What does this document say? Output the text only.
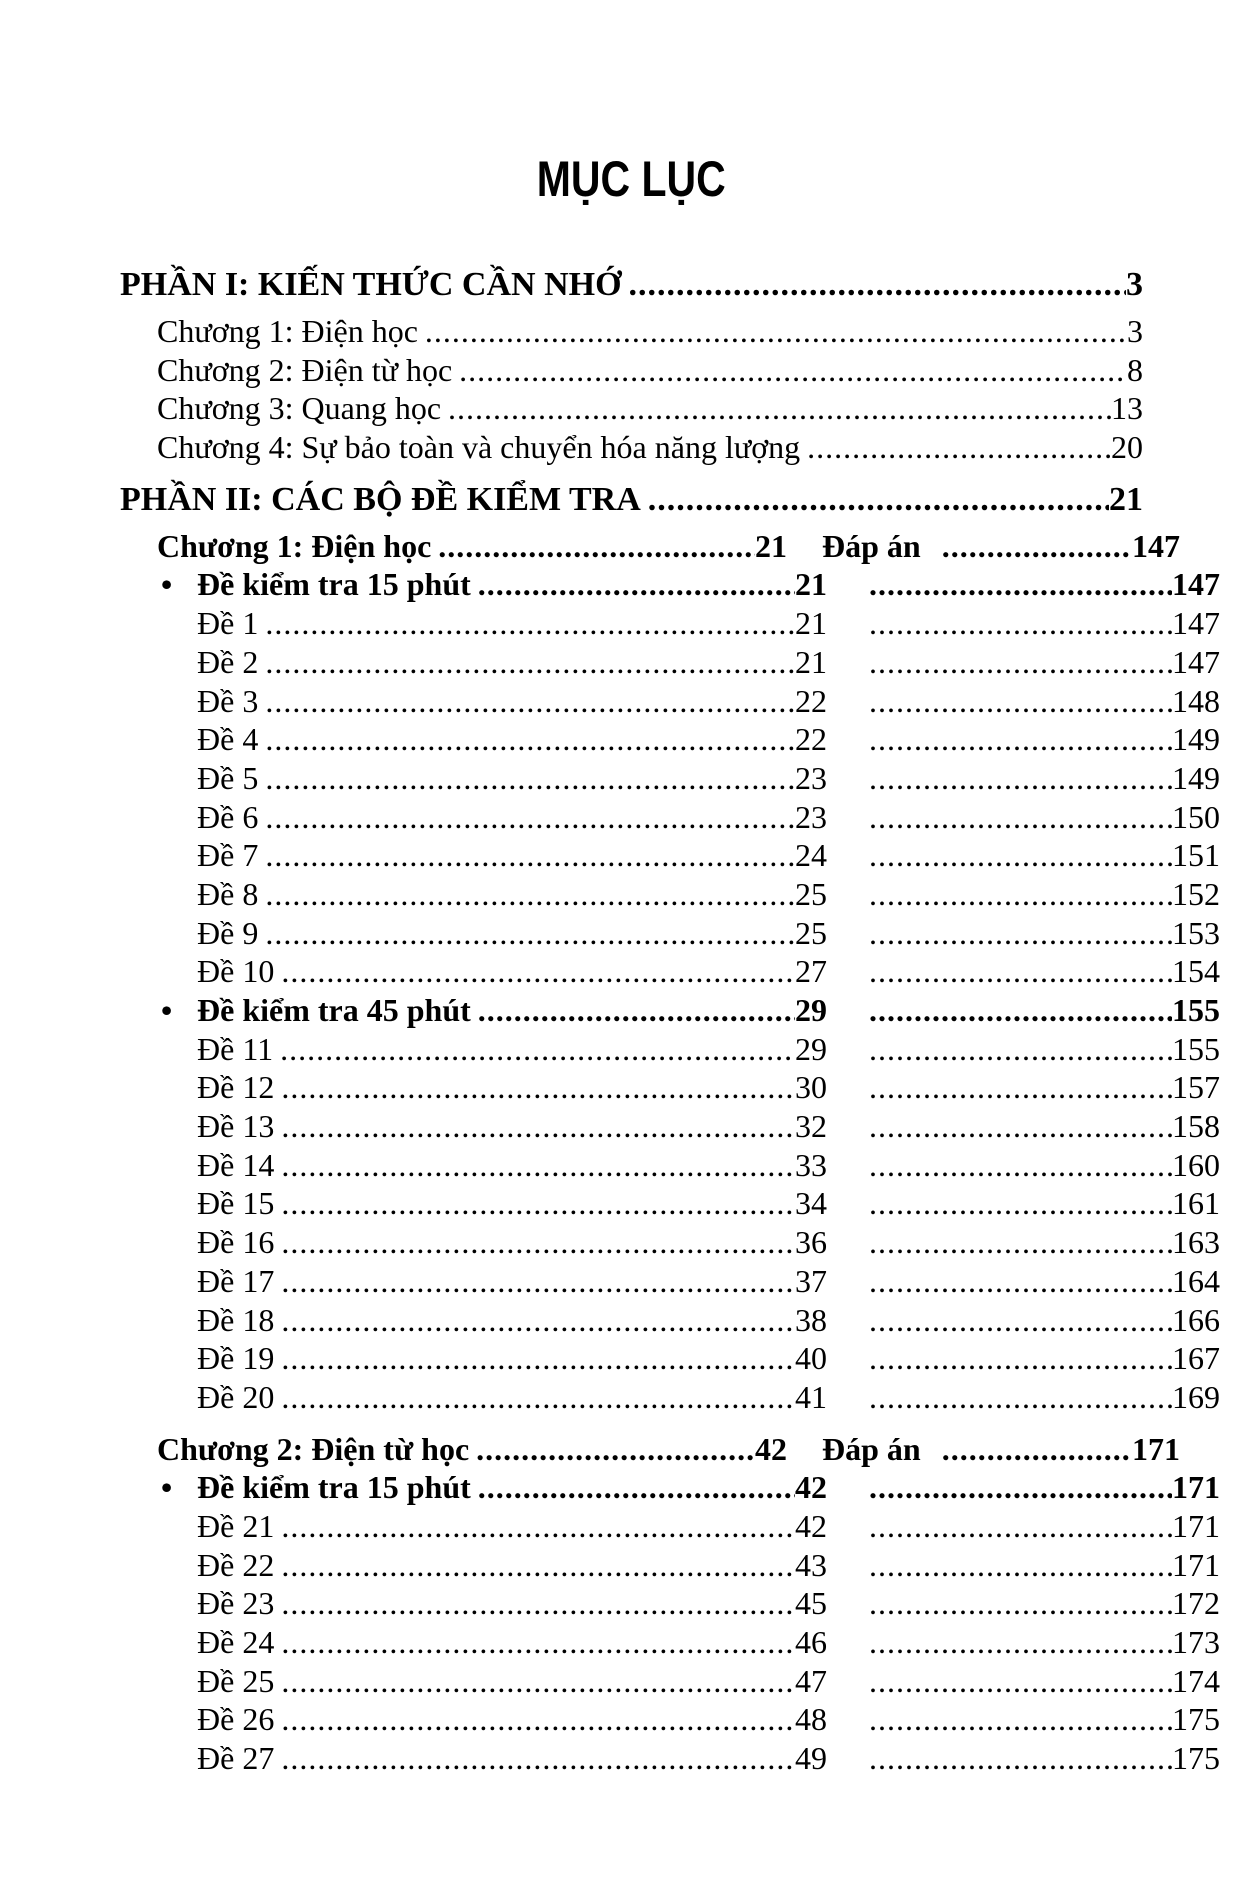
MỤC LỤC
PHẦN I: KIẾN THỨC CẦN NHỚ .....	3
Chương 1: Điện học .....	3
Chương 2: Điện từ học .....	8
Chương 3: Quang học .....	13
Chương 4: Sự bảo toàn và chuyển hóa năng lượng .....	20
PHẦN II: CÁC BỘ ĐỀ KIỂM TRA .....	21
Chương 1: Điện học .....	21 Đáp án .....	147
• Đề kiểm tra 15 phút .....	21 .....	147
Đề 1 .....	21 .....	147
Đề 2 .....	21 .....	147
Đề 3 .....	22 .....	148
Đề 4 .....	22 .....	149
Đề 5 .....	23 .....	149
Đề 6 .....	23 .....	150
Đề 7 .....	24 .....	151
Đề 8 .....	25 .....	152
Đề 9 .....	25 .....	153
Đề 10 .....	27 .....	154
• Đề kiểm tra 45 phút .....	29 .....	155
Đề 11 .....	29 .....	155
Đề 12 .....	30 .....	157
Đề 13 .....	32 .....	158
Đề 14 .....	33 .....	160
Đề 15 .....	34 .....	161
Đề 16 .....	36 .....	163
Đề 17 .....	37 .....	164
Đề 18 .....	38 .....	166
Đề 19 .....	40 .....	167
Đề 20 .....	41 .....	169
Chương 2: Điện từ học .....	42 Đáp án .....	171
• Đề kiểm tra 15 phút .....	42 .....	171
Đề 21 .....	42 .....	171
Đề 22 .....	43 .....	171
Đề 23 .....	45 .....	172
Đề 24 .....	46 .....	173
Đề 25 .....	47 .....	174
Đề 26 .....	48 .....	175
Đề 27 .....	49 .....	175
